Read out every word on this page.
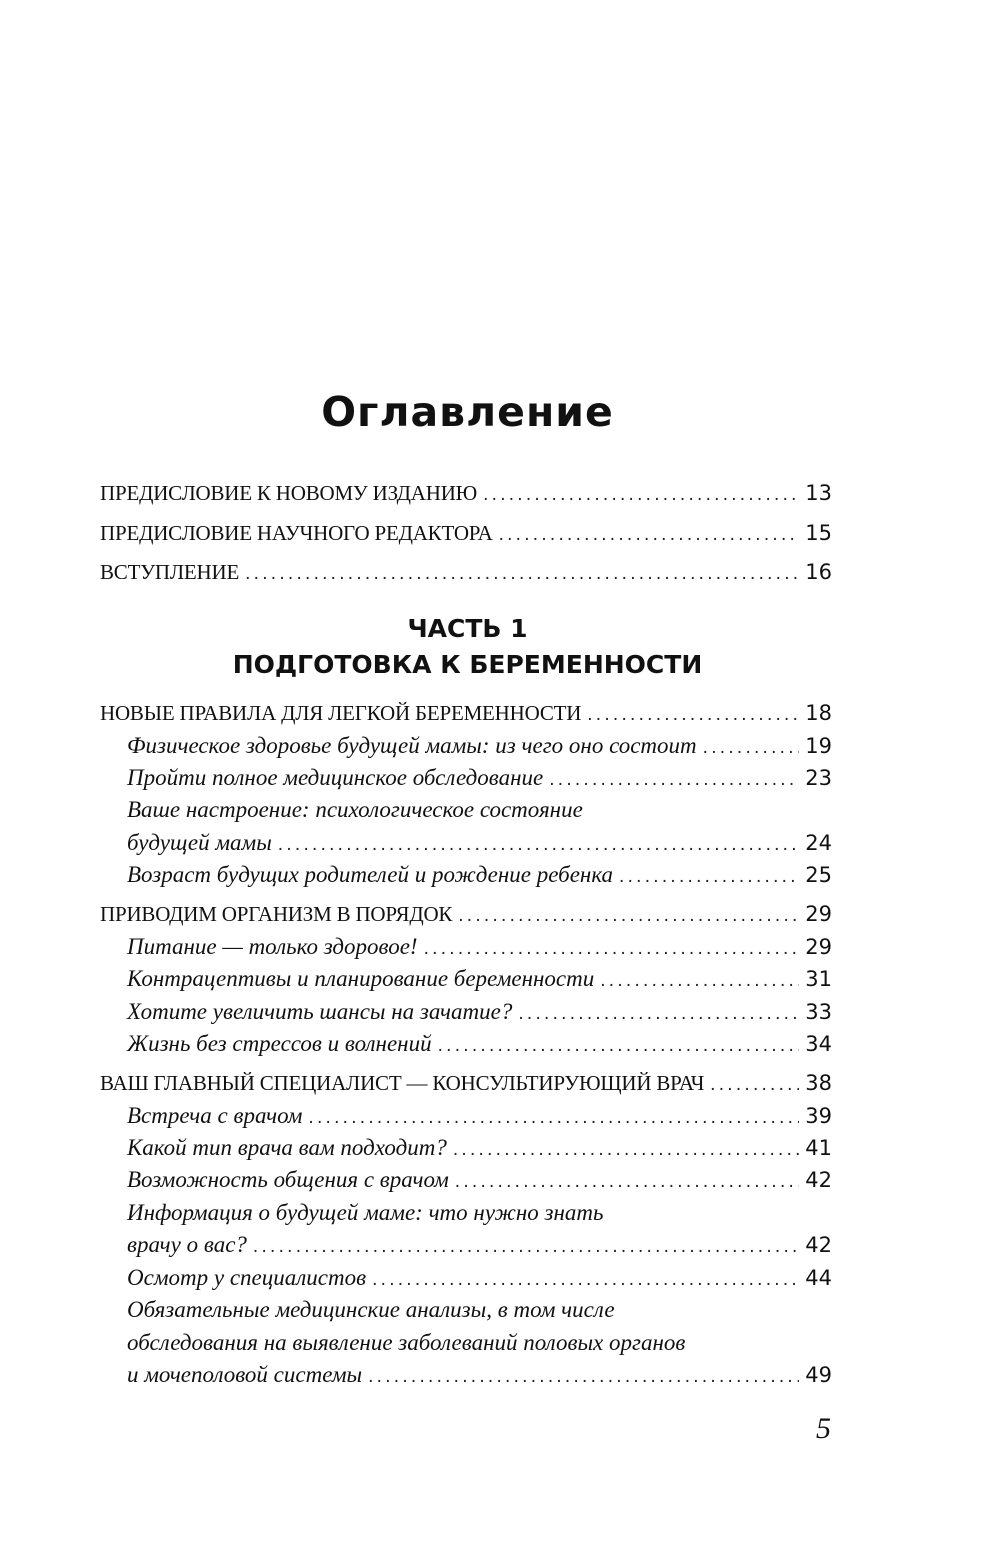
Оглавление
ПРЕДИСЛОВИЕ К НОВОМУ ИЗДАНИЮ . . .	13
ПРЕДИСЛОВИЕ НАУЧНОГО РЕДАКТОРА . . .	15
ВСТУПЛЕНИЕ . . .	16
ЧАСТЬ 1
ПОДГОТОВКА К БЕРЕМЕННОСТИ
НОВЫЕ ПРАВИЛА ДЛЯ ЛЕГКОЙ БЕРЕМЕННОСТИ . . .	18
Физическое здоровье будущей мамы: из чего оно состоит . . .	19
Пройти полное медицинское обследование . . .	23
Ваше настроение: психологическое состояние
будущей мамы . . .	24
Возраст будущих родителей и рождение ребенка . . .	25
ПРИВОДИМ ОРГАНИЗМ В ПОРЯДОК . . .	29
Питание — только здоровое! . . .	29
Контрацептивы и планирование беременности . . .	31
Хотите увеличить шансы на зачатие? . . .	33
Жизнь без стрессов и волнений . . .	34
ВАШ ГЛАВНЫЙ СПЕЦИАЛИСТ — КОНСУЛЬТИРУЮЩИЙ ВРАЧ . . .	38
Встреча с врачом . . .	39
Какой тип врача вам подходит? . . .	41
Возможность общения с врачом . . .	42
Информация о будущей маме: что нужно знать
врачу о вас? . . .	42
Осмотр у специалистов . . .	44
Обязательные медицинские анализы, в том числе
обследования на выявление заболеваний половых органов
и мочеполовой системы . . .	49
5
